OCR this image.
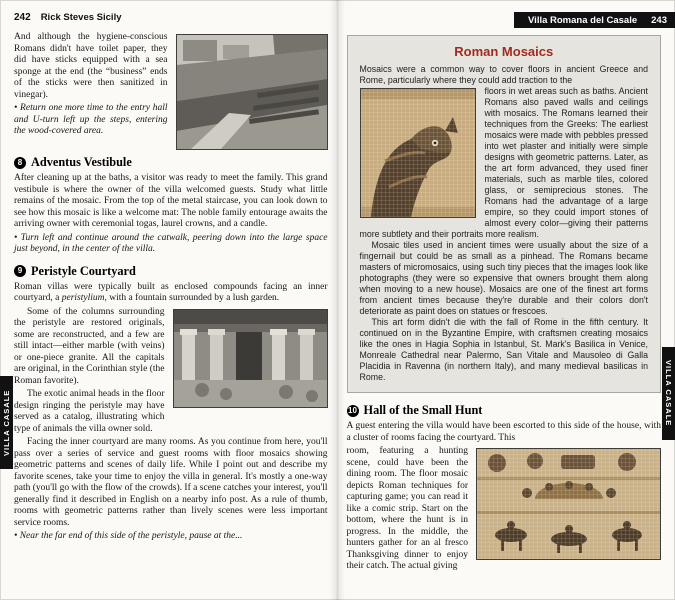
242 Rick Steves Sicily

And although the hygiene-conscious Romans didn't have toilet paper, they did have sticks equipped with a sea sponge at the end (the “business” ends of the sticks were then sanitized in vinegar).

• Return one more time to the entry hall and U-turn left up the steps, entering the wood-covered area.

8 Adventus Vestibule

After cleaning up at the baths, a visitor was ready to meet the family. This grand vestibule is where the owner of the villa welcomed guests. Study what little remains of the mosaic. From the top of the metal staircase, you can look down to see how this mosaic is like a welcome mat: The noble family entourage awaits the arriving owner with ceremonial togas, laurel crowns, and a candle.

• Turn left and continue around the catwalk, peering down into the large space just beyond, in the center of the villa.

9 Peristyle Courtyard

Roman villas were typically built as enclosed compounds facing an inner courtyard, a peristylium, with a fountain surrounded by a lush garden.

Some of the columns surrounding the peristyle are restored originals, some are reconstructed, and a few are still intact—either marble (with veins) or one-piece granite. All the capitals are original, in the Corinthian style (the Roman favorite).

The exotic animal heads in the floor design ringing the peristyle may have served as a catalog, illustrating which type of animals the villa owner sold.

Facing the inner courtyard are many rooms. As you continue from here, you'll pass over a series of service and guest rooms with floor mosaics showing geometric patterns and scenes of daily life. While I point out and describe my favorite scenes, take your time to enjoy the villa in general. It's mostly a one-way path (you'll go with the flow of the crowds). If a scene catches your interest, you'll generally find it described in English on a nearby info post. As a rule of thumb, rooms with geometric patterns rather than lively scenes were less important service rooms.

• Near the far end of this side of the peristyle, pause at the...

Villa Romana del Casale 243
Roman Mosaics

Mosaics were a common way to cover floors in ancient Greece and Rome, particularly where they could add traction to the

floors in wet areas such as baths. Ancient Romans also paved walls and ceilings with mosaics. The Romans learned their techniques from the Greeks: The earliest mosaics were made with pebbles pressed into wet plaster and initially were simple designs with geometric patterns. Later, as the art form advanced, they used finer materials, such as marble tiles, colored glass, or semiprecious stones. The Romans had the advantage of a large empire, so they could import stones of almost every color—giving their patterns more subtlety and their portraits more realism.

Mosaic tiles used in ancient times were usually about the size of a fingernail but could be as small as a pinhead. The Romans became masters of micromosaics, using such tiny pieces that the images look like photographs (they were so expensive that owners brought them along when moving to a new house). Mosaics are one of the finest art forms from ancient times because they're durable and their colors don't deteriorate as paint does on statues or frescoes.

This art form didn't die with the fall of Rome in the fifth century. It continued on in the Byzantine Empire, with craftsmen creating mosaics like the ones in Hagia Sophia in Istanbul, St. Mark's Basilica in Venice, Monreale Cathedral near Palermo, San Vitale and Mausoleo di Galla Placidia in Ravenna (in northern Italy), and many medieval basilicas in Rome.

10 Hall of the Small Hunt

A guest entering the villa would have been escorted to this side of the house, with a cluster of rooms facing the courtyard. This

room, featuring a hunting scene, could have been the dining room. The floor mosaic depicts Roman techniques for capturing game; you can read it like a comic strip. Start on the bottom, where the hunt is in progress. In the middle, the hunters gather for an al fresco Thanksgiving dinner to enjoy their catch. The actual giving

VILLA CASALE	VILLA CASALE
